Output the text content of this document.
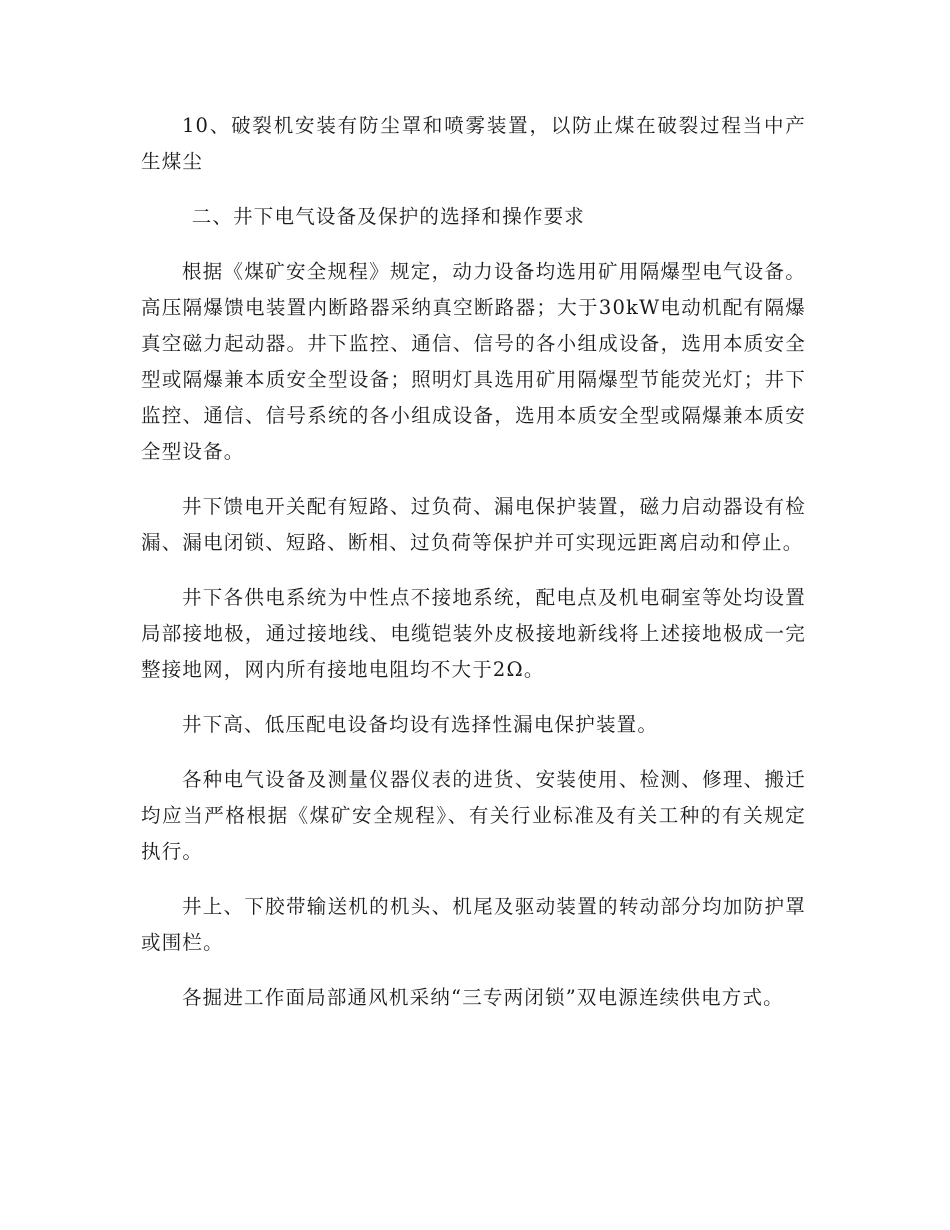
10、破裂机安装有防尘罩和喷雾装置，以防止煤在破裂过程当中产生煤尘

二、井下电气设备及保护的选择和操作要求

根据《煤矿安全规程》规定，动力设备均选用矿用隔爆型电气设备。高压隔爆馈电装置内断路器采纳真空断路器；大于30kW电动机配有隔爆真空磁力起动器。井下监控、通信、信号的各小组成设备，选用本质安全型或隔爆兼本质安全型设备；照明灯具选用矿用隔爆型节能荧光灯；井下监控、通信、信号系统的各小组成设备，选用本质安全型或隔爆兼本质安全型设备。

井下馈电开关配有短路、过负荷、漏电保护装置，磁力启动器设有检漏、漏电闭锁、短路、断相、过负荷等保护并可实现远距离启动和停止。

井下各供电系统为中性点不接地系统，配电点及机电硐室等处均设置局部接地极，通过接地线、电缆铠装外皮极接地新线将上述接地极成一完整接地网，网内所有接地电阻均不大于2Ω。

井下高、低压配电设备均设有选择性漏电保护装置。

各种电气设备及测量仪器仪表的进货、安装使用、检测、修理、搬迁均应当严格根据《煤矿安全规程》、有关行业标准及有关工种的有关规定执行。

井上、下胶带输送机的机头、机尾及驱动装置的转动部分均加防护罩或围栏。

各掘进工作面局部通风机采纳“三专两闭锁”双电源连续供电方式。
